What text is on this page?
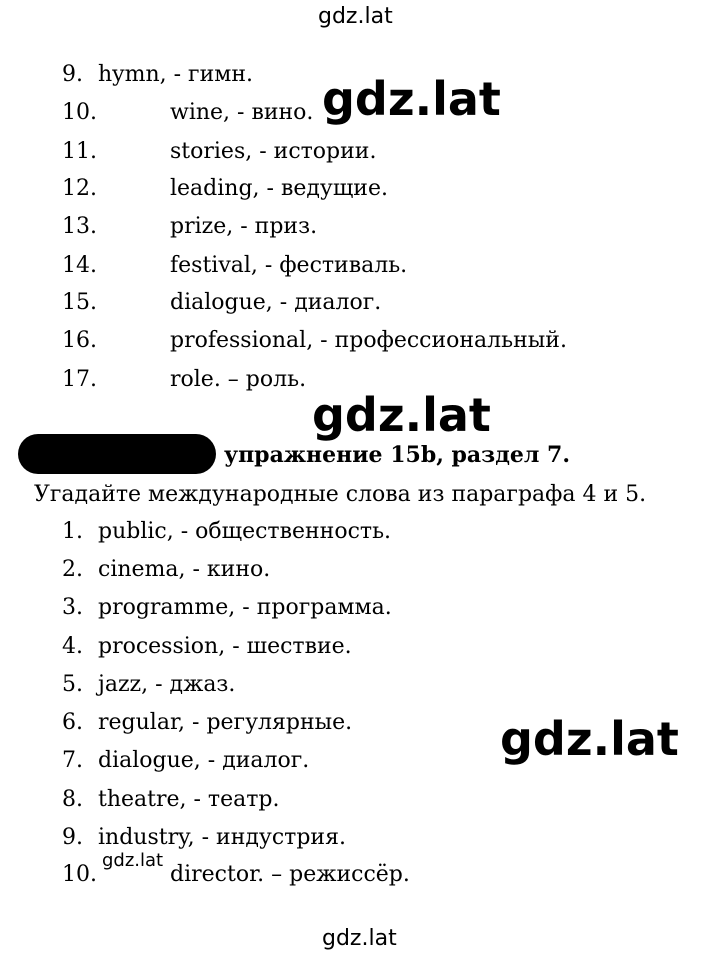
gdz.lat
9. hymn, - гимн.
10.	wine, - вино.
11.	stories, - истории.
12.	leading, - ведущие.
13.	prize, - приз.
14.	festival, - фестиваль.
15.	dialogue, - диалог.
16.	professional, - профессиональный.
17.	role. – роль.
gdz.lat
gdz.lat
упражнение 15b, раздел 7.
Угадайте международные слова из параграфа 4 и 5.
1. public, - общественность.
2. cinema, - кино.
3. programme, - программа.
4. procession, - шествие.
5. jazz, - джаз.
6. regular, - регулярные.
7. dialogue, - диалог.
8. theatre, - театр.
9. industry, - индустрия.
10.	director. – режиссёр.
gdz.lat
gdz.lat
gdz.lat
